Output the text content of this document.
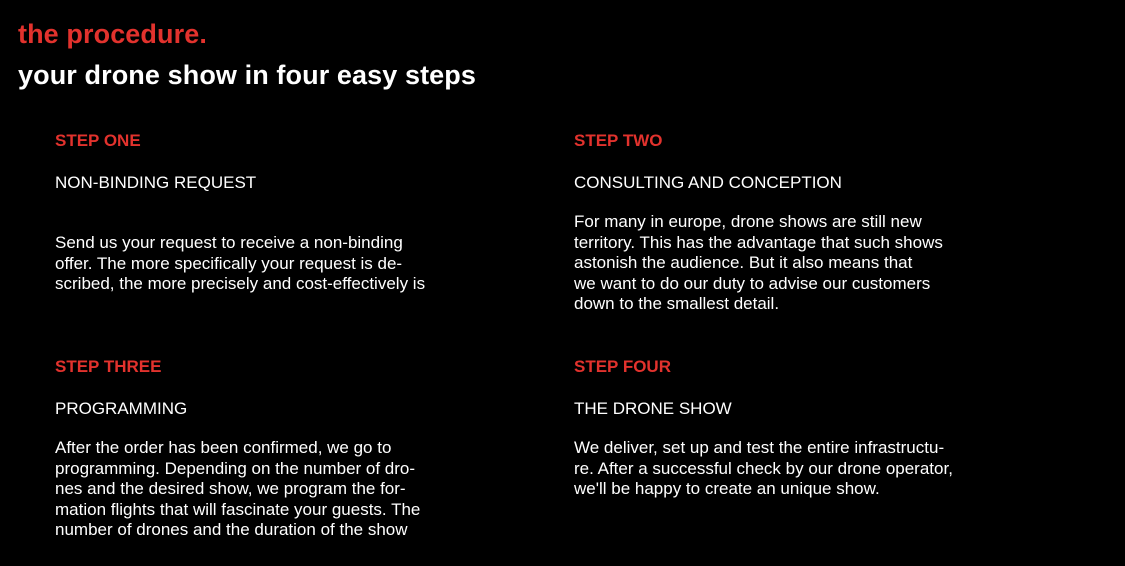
the procedure.
your drone show in four easy steps
STEP ONE
NON-BINDING REQUEST

Send us your request to receive a non-binding
offer. The more specifically your request is de-
scribed, the more precisely and cost-effectively is

STEP TWO
CONSULTING AND CONCEPTION

For many in europe, drone shows are still new
territory. This has the advantage that such shows
astonish the audience. But it also means that
we want to do our duty to advise our customers
down to the smallest detail.

STEP THREE
PROGRAMMING

After the order has been confirmed, we go to
programming. Depending on the number of dro-
nes and the desired show, we program the for-
mation flights that will fascinate your guests. The
number of drones and the duration of the show

STEP FOUR
THE DRONE SHOW

We deliver, set up and test the entire infrastructu-
re. After a successful check by our drone operator,
we'll be happy to create an unique show.
